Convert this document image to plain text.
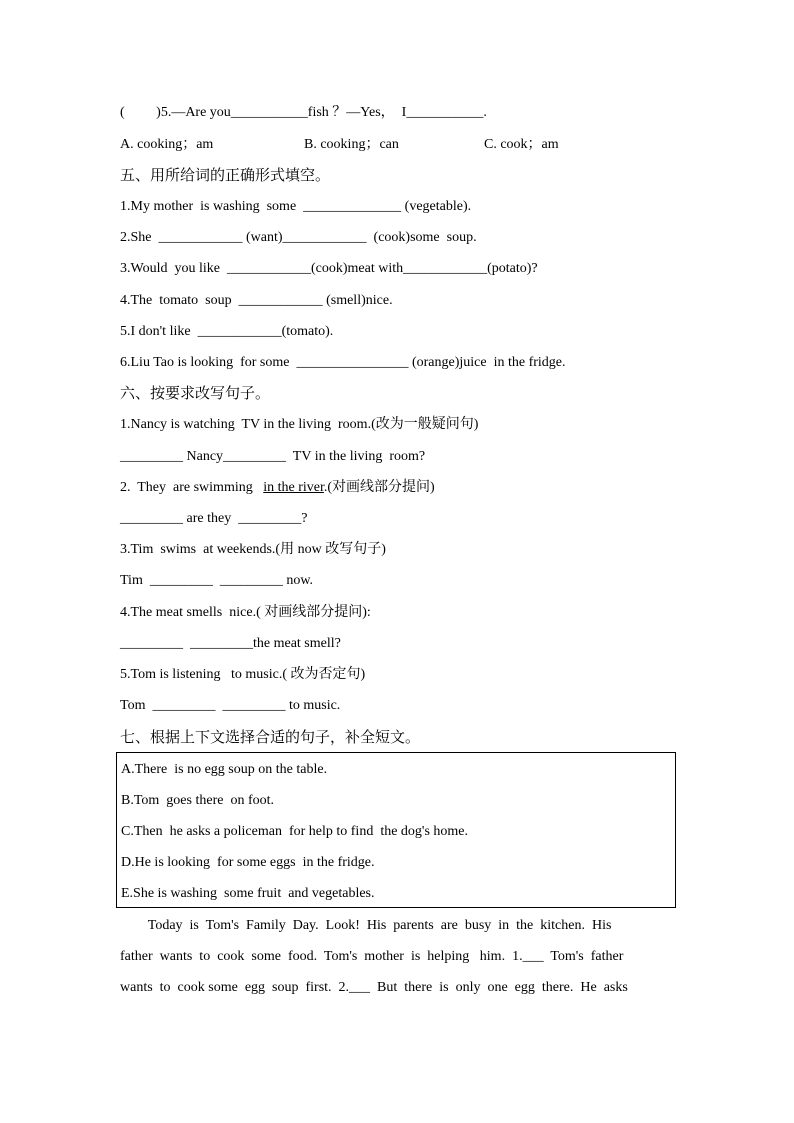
(         )5.—Are you___________fish ？—Yes，  I___________.
A. cooking；am	B. cooking；can	C. cook；am
五、用所给词的正确形式填空。
1.My mother  is washing  some  ______________ (vegetable).
2.She  ____________ (want)____________  (cook)some  soup.
3.Would  you like  ____________(cook)meat with____________(potato)?
4.The  tomato  soup  ____________ (smell)nice.
5.I don't like  ____________(tomato).
6.Liu Tao is looking  for some  ________________ (orange)juice  in the fridge.
六、按要求改写句子。
1.Nancy is watching  TV in the living  room.(改为一般疑问句)
_________ Nancy_________  TV in the living  room?
2.  They  are swimming   in the river.(对画线部分提问)
_________ are they  _________?
3.Tim  swims  at weekends.(用 now 改写句子)
Tim  _________  _________ now.
4.The meat smells  nice.( 对画线部分提问):
_________  _________the meat smell?
5.Tom is listening   to music.( 改为否定句)
Tom  _________  _________ to music.
七、根据上下文选择合适的句子，补全短文。
A.There  is no egg soup on the table.
B.Tom  goes there  on foot.
C.Then  he asks a policeman  for help to find  the dog's home.
D.He is looking  for some eggs  in the fridge.
E.She is washing  some fruit  and vegetables.
Today  is  Tom's  Family  Day.  Look!  His  parents  are  busy  in  the  kitchen.  His
father  wants  to  cook  some  food.  Tom's  mother  is  helping   him.  1.___  Tom's  father
wants  to  cook some  egg  soup  first.  2.___  But  there  is  only  one  egg  there.  He  asks
